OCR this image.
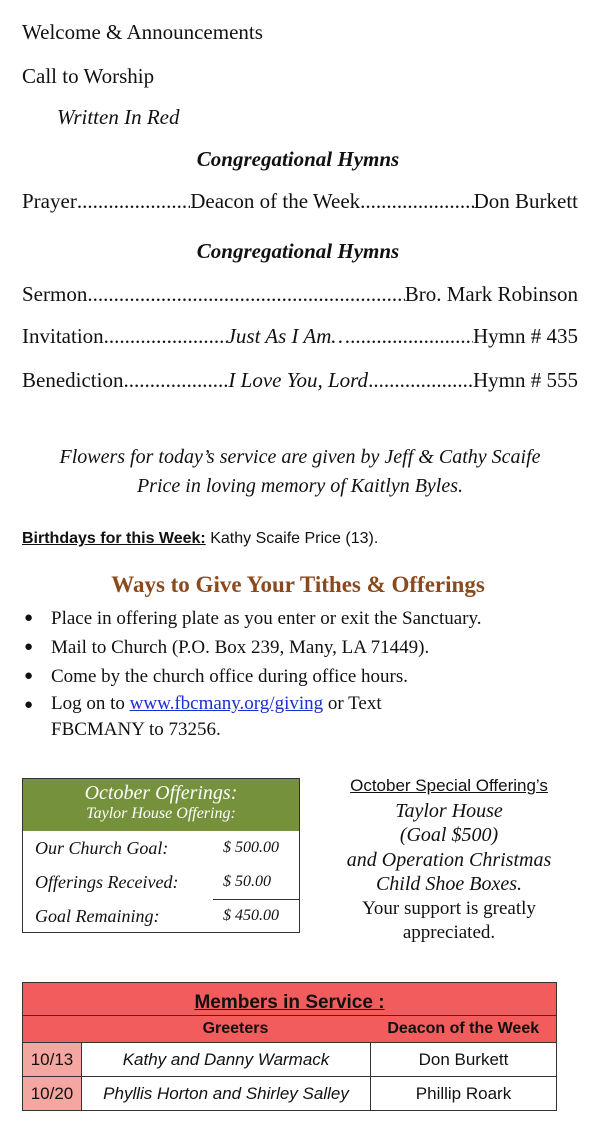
Welcome & Announcements
Call to Worship
Written In Red
Congregational Hymns
Prayer .....	Deacon of the Week .....	Don Burkett
Congregational Hymns
Sermon .....	Bro. Mark Robinson
Invitation .....	Just As I Am… .....	Hymn # 435
Benediction .....	I Love You, Lord .....	Hymn # 555
Flowers for today’s service are given by Jeff & Cathy Scaife
Price in loving memory of Kaitlyn Byles.
Birthdays for this Week: Kathy Scaife Price (13).
Ways to Give Your Tithes & Offerings
● Place in offering plate as you enter or exit the Sanctuary.
● Mail to Church (P.O. Box 239, Many, LA 71449).
● Come by the church office during office hours.
● Log on to www.fbcmany.org/giving or Text
FBCMANY to 73256.
October Offerings:
Taylor House Offering:
Our Church Goal:	$ 500.00
Offerings Received:	$ 50.00
Goal Remaining:	$ 450.00
October Special Offering’s
Taylor House
(Goal $500)
and Operation Christmas
Child Shoe Boxes.
Your support is greatly
appreciated.
Members in Service :		
	Greeters	Deacon of the Week
10/13	Kathy and Danny Warmack	Don Burkett
10/20	Phyllis Horton and Shirley Salley	Phillip Roark
